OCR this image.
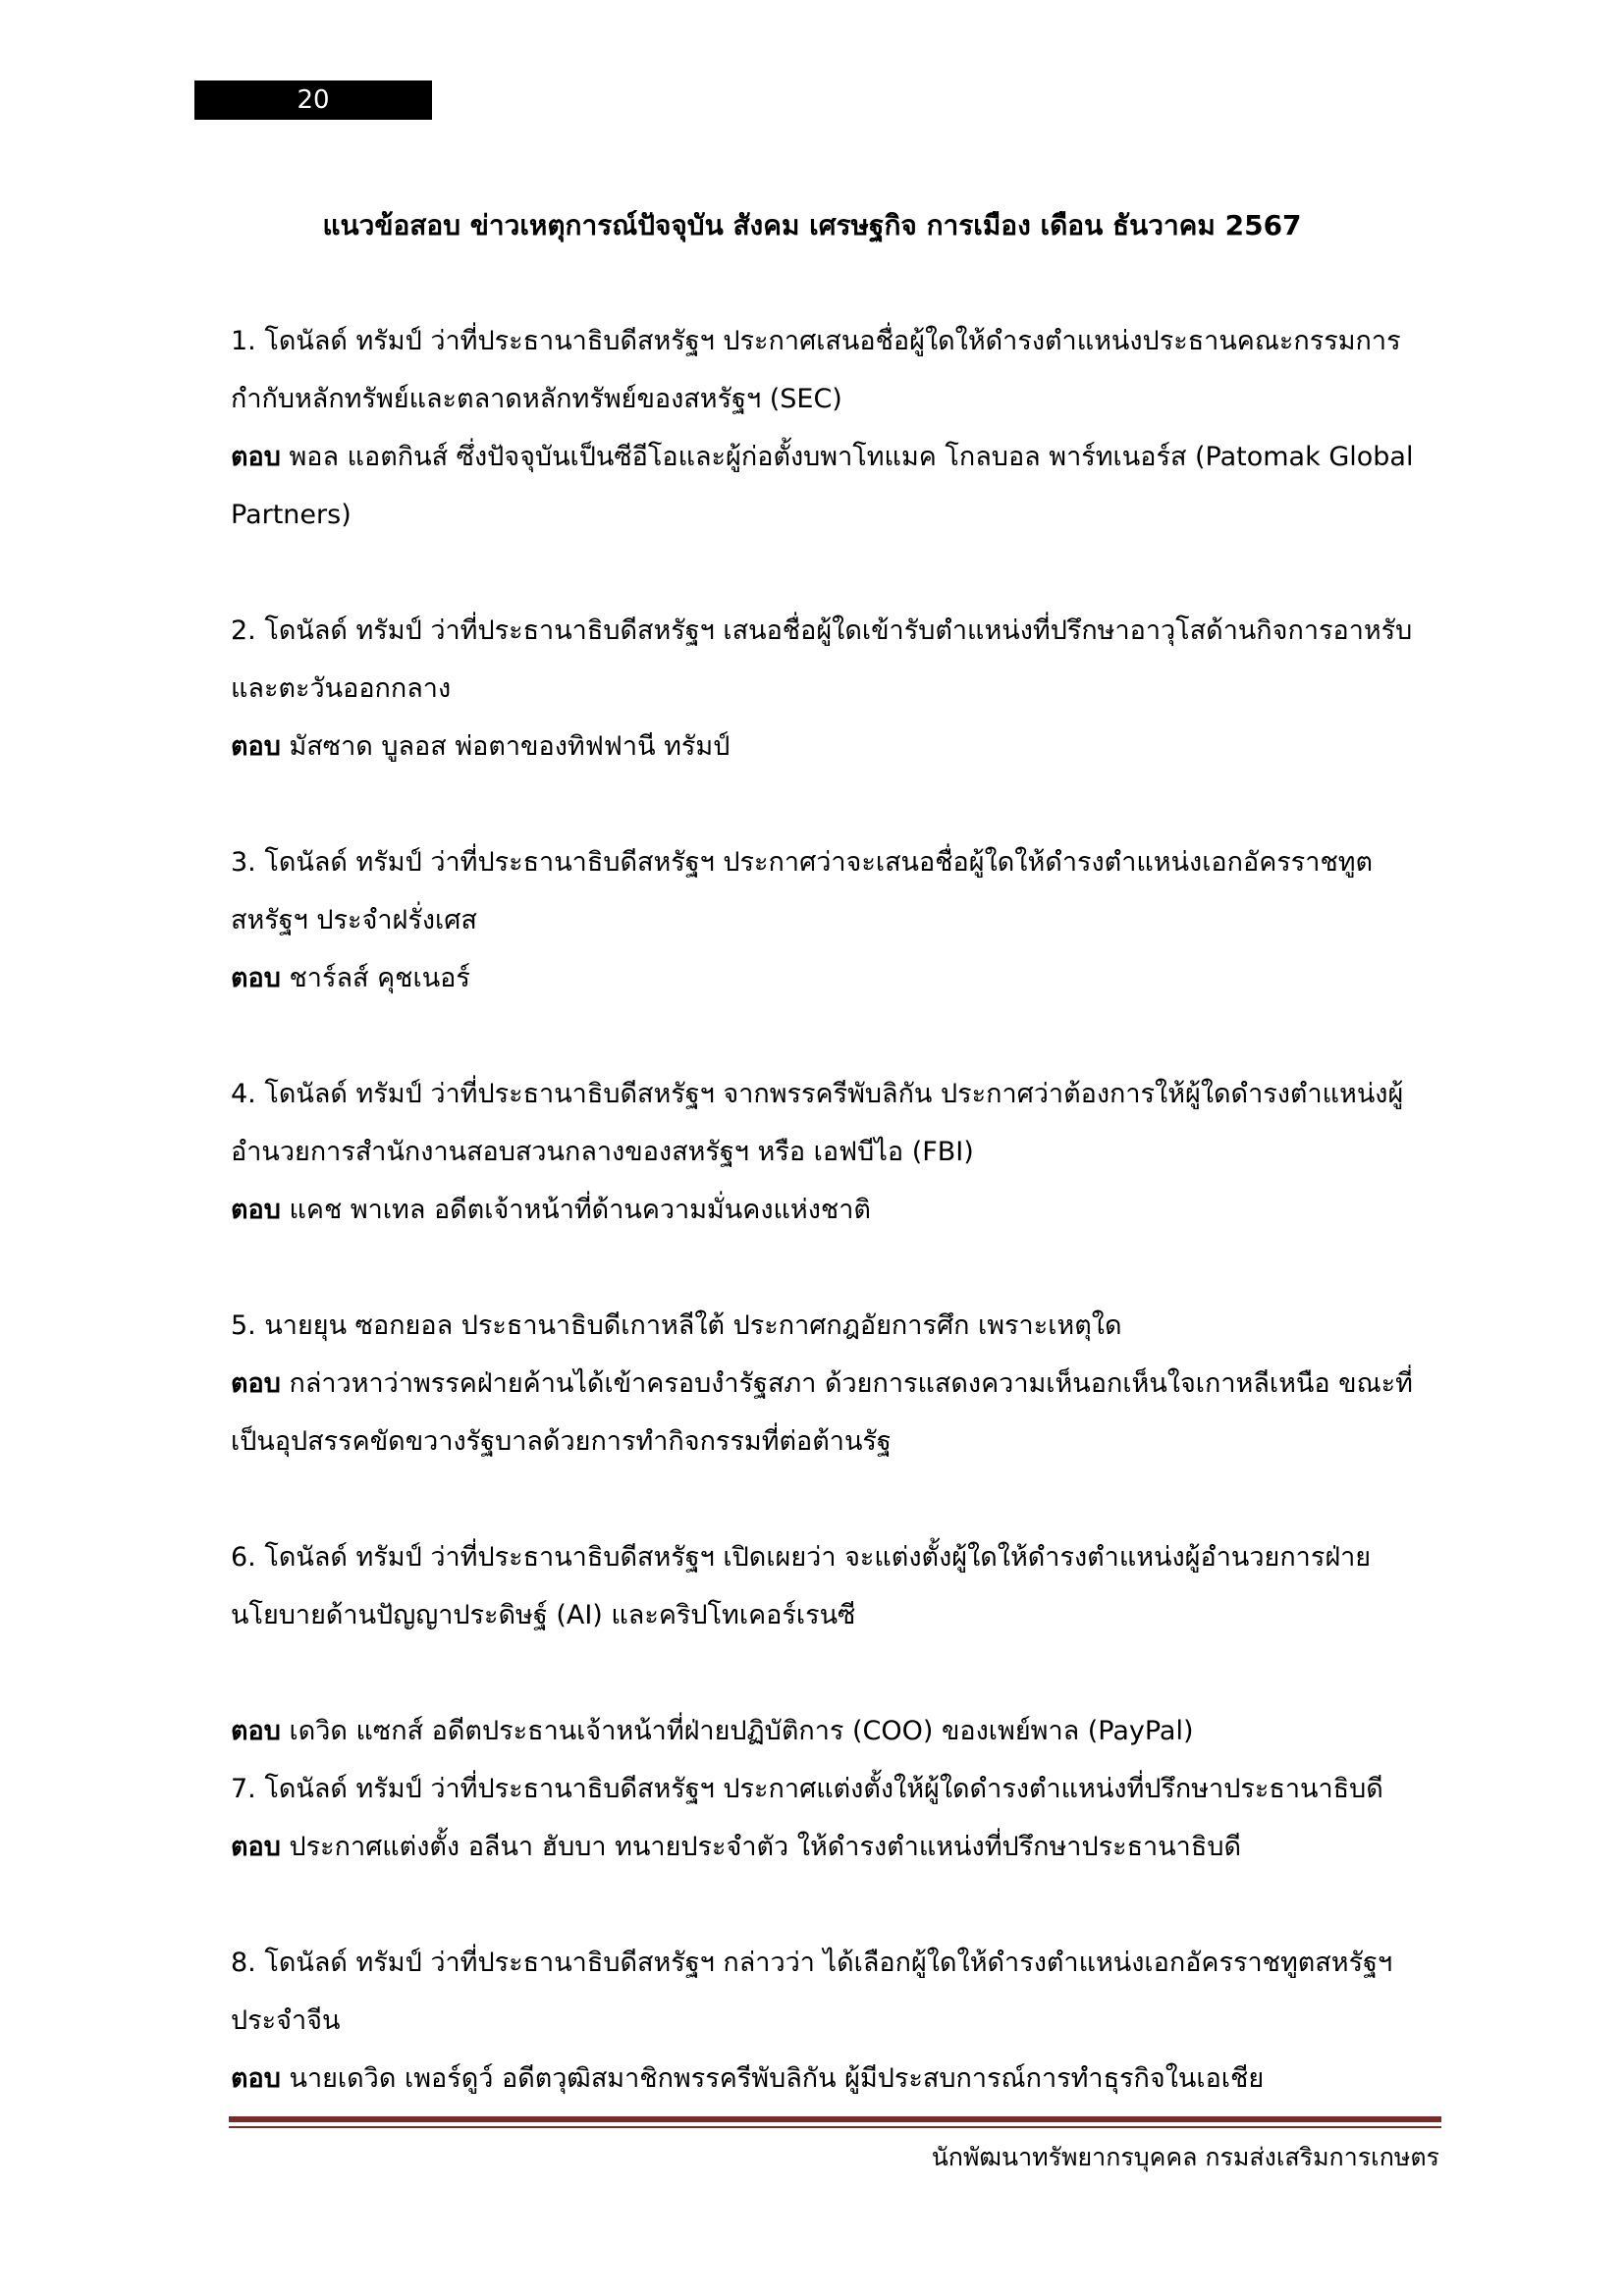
20
แนวข้อสอบ ข่าวเหตุการณ์ปัจจุบัน สังคม เศรษฐกิจ การเมือง เดือน ธันวาคม 2567

1. โดนัลด์ ทรัมป์ ว่าที่ประธานาธิบดีสหรัฐฯ ประกาศเสนอชื่อผู้ใดให้ดำรงตำแหน่งประธานคณะกรรมการกำกับหลักทรัพย์และตลาดหลักทรัพย์ของสหรัฐฯ (SEC)

ตอบ พอล แอตกินส์ ซึ่งปัจจุบันเป็นซีอีโอและผู้ก่อตั้งบพาโทแมค โกลบอล พาร์ทเนอร์ส (Patomak Global Partners)

2. โดนัลด์ ทรัมป์ ว่าที่ประธานาธิบดีสหรัฐฯ เสนอชื่อผู้ใดเข้ารับตำแหน่งที่ปรึกษาอาวุโสด้านกิจการอาหรับและตะวันออกกลาง

ตอบ มัสซาด บูลอส พ่อตาของทิฟฟานี ทรัมป์

3. โดนัลด์ ทรัมป์ ว่าที่ประธานาธิบดีสหรัฐฯ ประกาศว่าจะเสนอชื่อผู้ใดให้ดำรงตำแหน่งเอกอัครราชทูตสหรัฐฯ ประจำฝรั่งเศส

ตอบ ชาร์ลส์ คุชเนอร์

4. โดนัลด์ ทรัมป์ ว่าที่ประธานาธิบดีสหรัฐฯ จากพรรครีพับลิกัน ประกาศว่าต้องการให้ผู้ใดดำรงตำแหน่งผู้อำนวยการสำนักงานสอบสวนกลางของสหรัฐฯ หรือ เอฟบีไอ (FBI)

ตอบ แคช พาเทล อดีตเจ้าหน้าที่ด้านความมั่นคงแห่งชาติ

5. นายยุน ซอกยอล ประธานาธิบดีเกาหลีใต้ ประกาศกฎอัยการศึก เพราะเหตุใด

ตอบ กล่าวหาว่าพรรคฝ่ายค้านได้เข้าครอบงำรัฐสภา ด้วยการแสดงความเห็นอกเห็นใจเกาหลีเหนือ ขณะที่เป็นอุปสรรคขัดขวางรัฐบาลด้วยการทำกิจกรรมที่ต่อต้านรัฐ

6. โดนัลด์ ทรัมป์ ว่าที่ประธานาธิบดีสหรัฐฯ เปิดเผยว่า จะแต่งตั้งผู้ใดให้ดำรงตำแหน่งผู้อำนวยการฝ่ายนโยบายด้านปัญญาประดิษฐ์ (AI) และคริปโทเคอร์เรนซี

ตอบ เดวิด แซกส์ อดีตประธานเจ้าหน้าที่ฝ่ายปฏิบัติการ (COO) ของเพย์พาล (PayPal)

7. โดนัลด์ ทรัมป์ ว่าที่ประธานาธิบดีสหรัฐฯ ประกาศแต่งตั้งให้ผู้ใดดำรงตำแหน่งที่ปรึกษาประธานาธิบดี

ตอบ ประกาศแต่งตั้ง อลีนา ฮับบา ทนายประจำตัว ให้ดำรงตำแหน่งที่ปรึกษาประธานาธิบดี

8. โดนัลด์ ทรัมป์ ว่าที่ประธานาธิบดีสหรัฐฯ กล่าวว่า ได้เลือกผู้ใดให้ดำรงตำแหน่งเอกอัครราชทูตสหรัฐฯ ประจำจีน

ตอบ นายเดวิด เพอร์ดูว์ อดีตวุฒิสมาชิกพรรครีพับลิกัน ผู้มีประสบการณ์การทำธุรกิจในเอเชีย

นักพัฒนาทรัพยากรบุคคล กรมส่งเสริมการเกษตร
